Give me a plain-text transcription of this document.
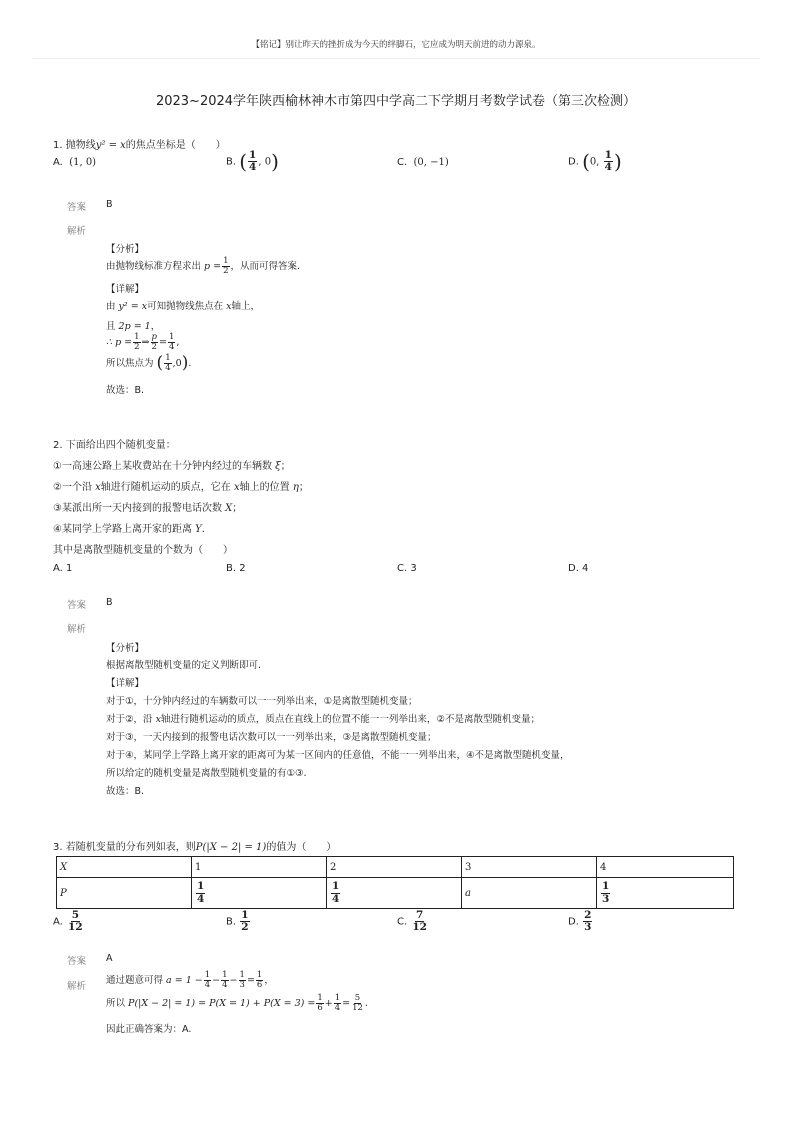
【铭记】别让昨天的挫折成为今天的绊脚石，它应成为明天前进的动力源泉。
2023~2024学年陕西榆林神木市第四中学高二下学期月考数学试卷（第三次检测）
1. 抛物线y² = x的焦点坐标是（　　）
A. (1, 0)	B. ( $\frac{1}{4}$ , 0)	C. (0, −1)	D. (0, $\frac{1}{4}$ )
答案 B
解析
【分析】
由抛物线标准方程求出 $p = \frac{1}{2}$ ，从而可得答案.
【详解】
由 y² = x可知抛物线焦点在 x轴上，
且 2p = 1，
∴ $p = \frac{1}{2}$ ⇒ $\frac{p}{2} = \frac{1}{4}$ ,
所以焦点为 ( $\frac{1}{4} ,0$).
故选：B.
2. 下面给出四个随机变量：
①一高速公路上某收费站在十分钟内经过的车辆数 ξ；
②一个沿 x轴进行随机运动的质点，它在 x轴上的位置 η；
③某派出所一天内接到的报警电话次数 X；
④某同学上学路上离开家的距离 Y.
其中是离散型随机变量的个数为（　　）
A. 1	B. 2	C. 3	D. 4
答案 B
解析
【分析】
根据离散型随机变量的定义判断即可.
【详解】
对于①，十分钟内经过的车辆数可以一一列举出来，①是离散型随机变量；
对于②，沿 x轴进行随机运动的质点，质点在直线上的位置不能一一列举出来，②不是离散型随机变量；
对于③，一天内接到的报警电话次数可以一一列举出来，③是离散型随机变量；
对于④，某同学上学路上离开家的距离可为某一区间内的任意值，不能一一列举出来，④不是离散型随机变量，
所以给定的随机变量是离散型随机变量的有①③.
故选：B.
3. 若随机变量的分布列如表，则P(|X − 2| = 1)的值为（　　）
X	1	2	3	4
P	$\frac{1}{4}$	$\frac{1}{4}$	a	$\frac{1}{3}$
A. $\frac{5}{12}$	B. $\frac{1}{2}$	C. $\frac{7}{12}$	D. $\frac{2}{3}$
答案 A
解析
通过题意可得 $a = 1 - \frac{1}{4} - \frac{1}{4} - \frac{1}{3} = \frac{1}{6}$ ，
所以 $P(|X - 2| = 1) = P(X = 1) + P(X = 3) = \frac{1}{6} + \frac{1}{4} = \frac{5}{12}$ .
因此正确答案为：A.
